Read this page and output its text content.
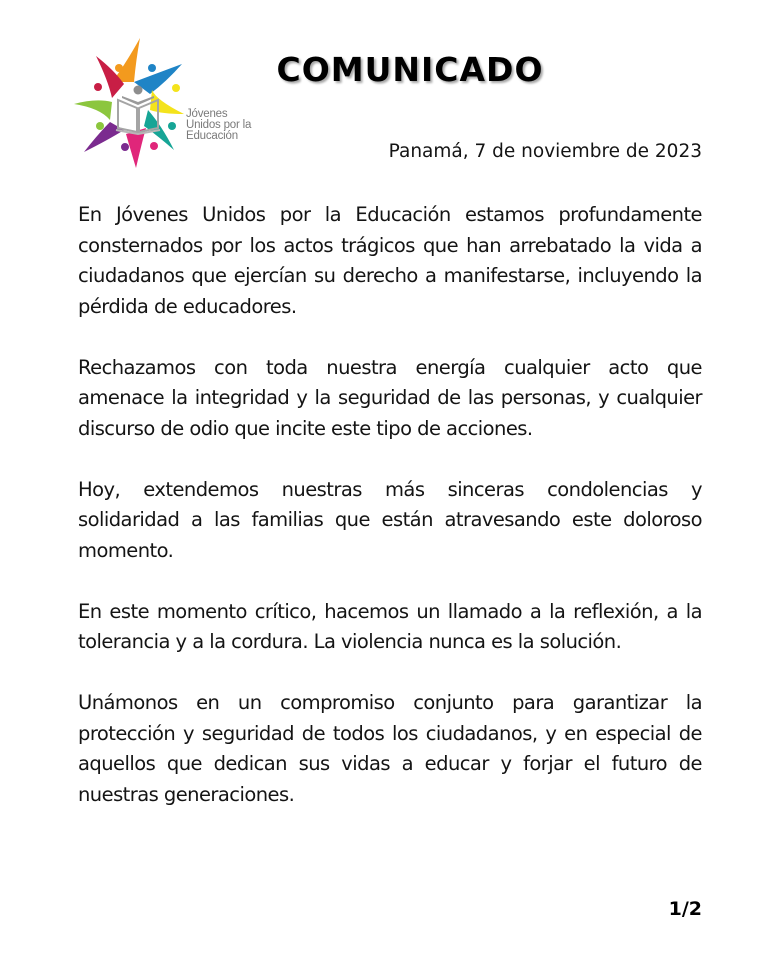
Jóvenes
Unidos por la
Educación
COMUNICADO
Panamá, 7 de noviembre de 2023

En Jóvenes Unidos por la Educación estamos profundamente consternados por los actos trágicos que han arrebatado la vida a ciudadanos que ejercían su derecho a manifestarse, incluyendo la pérdida de educadores.

Rechazamos con toda nuestra energía cualquier acto que amenace la integridad y la seguridad de las personas, y cualquier discurso de odio que incite este tipo de acciones.

Hoy, extendemos nuestras más sinceras condolencias y solidaridad a las familias que están atravesando este doloroso momento.

En este momento crítico, hacemos un llamado a la reflexión, a la tolerancia y a la cordura. La violencia nunca es la solución.

Unámonos en un compromiso conjunto para garantizar la protección y seguridad de todos los ciudadanos, y en especial de aquellos que dedican sus vidas a educar y forjar el futuro de nuestras generaciones.

1/2
